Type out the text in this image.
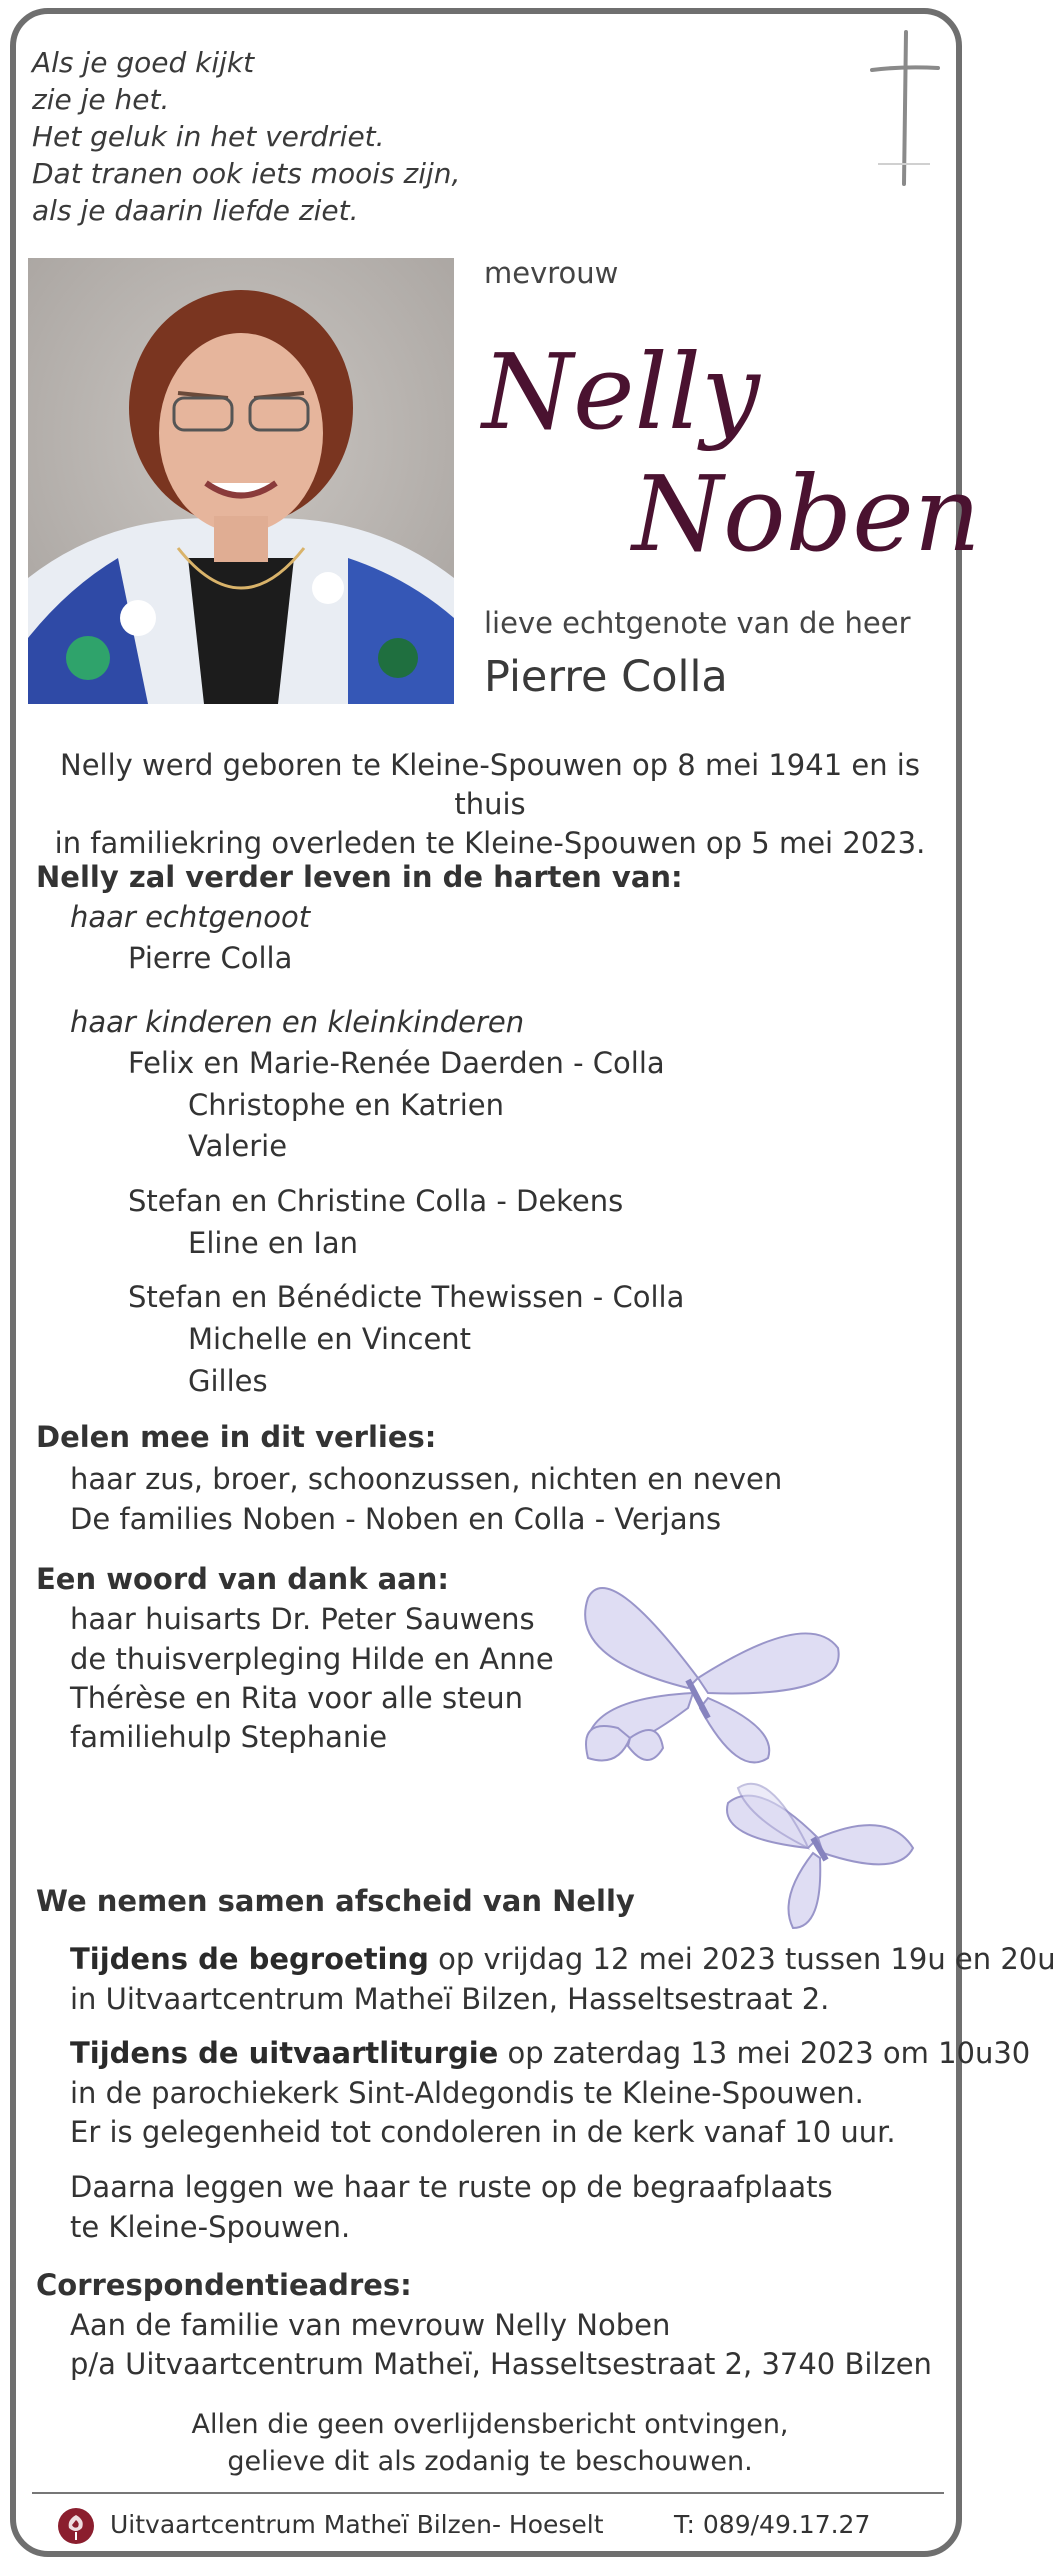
Als je goed kijkt
zie je het.
Het geluk in het verdriet.
Dat tranen ook iets moois zijn,
als je daarin liefde ziet.
mevrouw
Nelly
Noben
lieve echtgenote van de heer
Pierre Colla
Nelly werd geboren te Kleine-Spouwen op 8 mei 1941 en is thuis
in familiekring overleden te Kleine-Spouwen op 5 mei 2023.
Nelly zal verder leven in de harten van:
haar echtgenoot
Pierre Colla
haar kinderen en kleinkinderen
Felix en Marie-Renée Daerden - Colla
Christophe en Katrien
Valerie
Stefan en Christine Colla - Dekens
Eline en Ian
Stefan en Bénédicte Thewissen - Colla
Michelle en Vincent
Gilles
Delen mee in dit verlies:
haar zus, broer, schoonzussen, nichten en neven
De families Noben - Noben en Colla - Verjans
Een woord van dank aan:
haar huisarts Dr. Peter Sauwens
de thuisverpleging Hilde en Anne
Thérèse en Rita voor alle steun
familiehulp Stephanie
We nemen samen afscheid van Nelly
Tijdens de begroeting op vrijdag 12 mei 2023 tussen 19u en 20u
in Uitvaartcentrum Matheï Bilzen, Hasseltsestraat 2.
Tijdens de uitvaartliturgie op zaterdag 13 mei 2023 om 10u30
in de parochiekerk Sint-Aldegondis te Kleine-Spouwen.
Er is gelegenheid tot condoleren in de kerk vanaf 10 uur.
Daarna leggen we haar te ruste op de begraafplaats
te Kleine-Spouwen.
Correspondentieadres:
Aan de familie van mevrouw Nelly Noben
p/a Uitvaartcentrum Matheï, Hasseltsestraat 2, 3740 Bilzen
Allen die geen overlijdensbericht ontvingen,
gelieve dit als zodanig te beschouwen.
Uitvaartcentrum Matheï Bilzen- Hoeselt	T: 089/49.17.27
